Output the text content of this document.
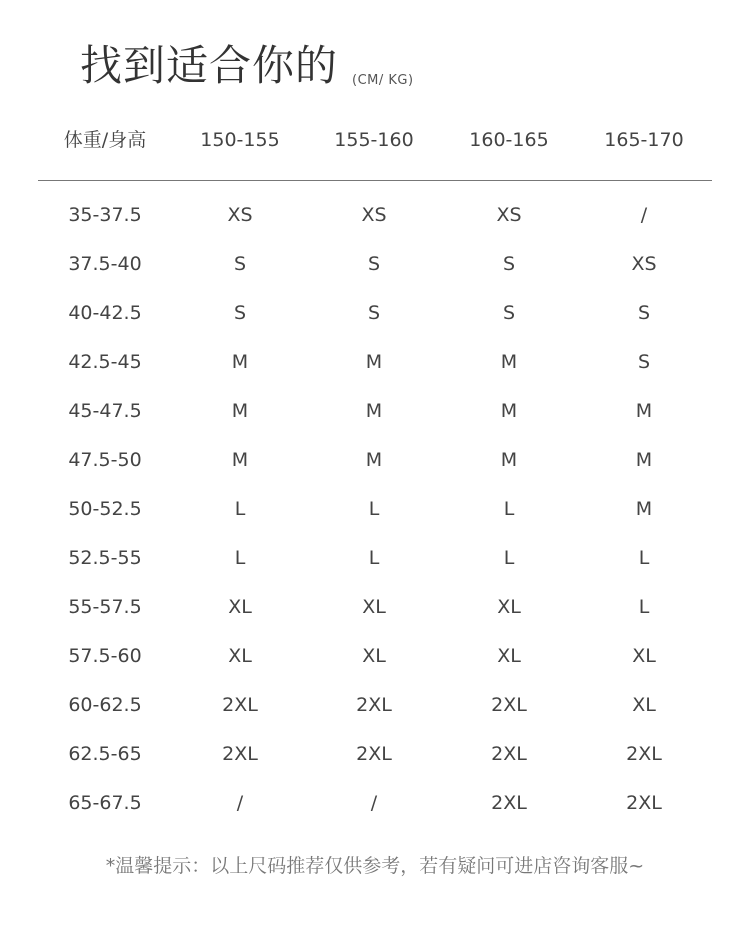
找到适合你的 (CM/ KG)
体重/身高	150-155	155-160	160-165	165-170
35-37.5	XS	XS	XS	/
37.5-40	S	S	S	XS
40-42.5	S	S	S	S
42.5-45	M	M	M	S
45-47.5	M	M	M	M
47.5-50	M	M	M	M
50-52.5	L	L	L	M
52.5-55	L	L	L	L
55-57.5	XL	XL	XL	L
57.5-60	XL	XL	XL	XL
60-62.5	2XL	2XL	2XL	XL
62.5-65	2XL	2XL	2XL	2XL
65-67.5	/	/	2XL	2XL
*温馨提示：以上尺码推荐仅供参考，若有疑问可进店咨询客服~
